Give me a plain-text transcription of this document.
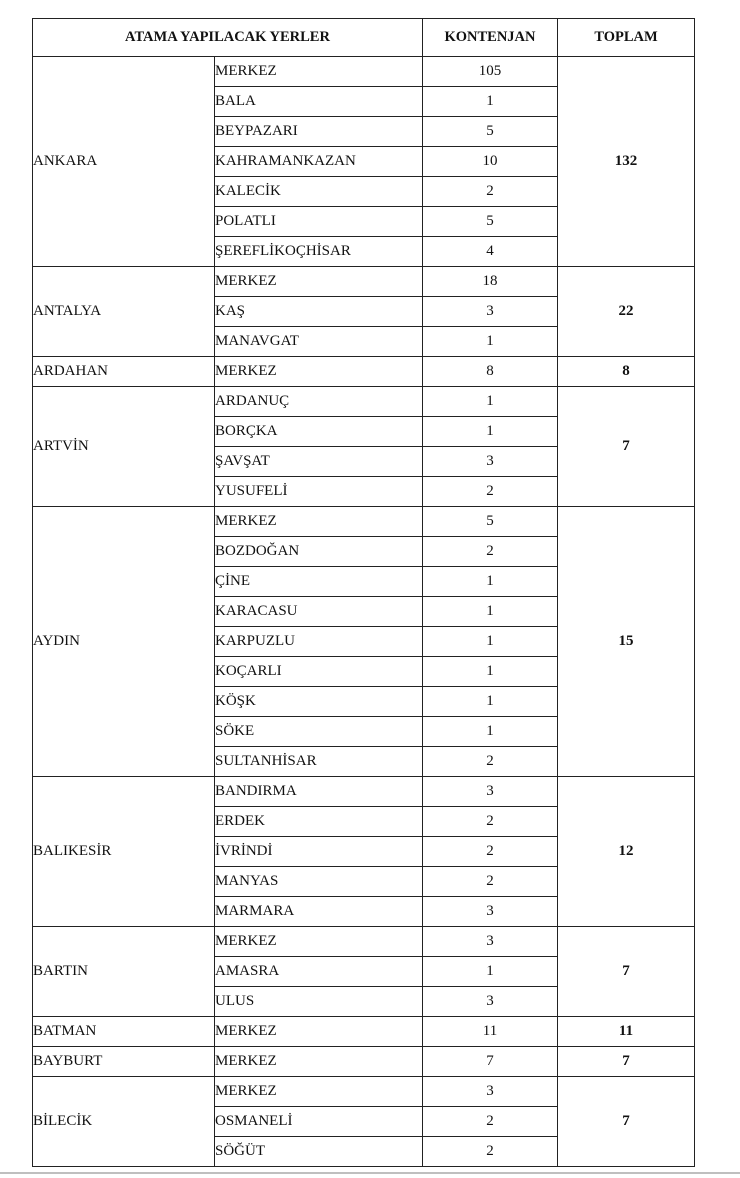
ATAMA YAPILACAK YERLER		KONTENJAN	TOPLAM
ANKARA	MERKEZ	105	132
	BALA	1	
	BEYPAZARI	5	
	KAHRAMANKAZAN	10	
	KALECİK	2	
	POLATLI	5	
	ŞEREFLİKOÇHİSAR	4	
ANTALYA	MERKEZ	18	22
	KAŞ	3	
	MANAVGAT	1	
ARDAHAN	MERKEZ	8	8
ARTVİN	ARDANUÇ	1	7
	BORÇKA	1	
	ŞAVŞAT	3	
	YUSUFELİ	2	
AYDIN	MERKEZ	5	15
	BOZDOĞAN	2	
	ÇİNE	1	
	KARACASU	1	
	KARPUZLU	1	
	KOÇARLI	1	
	KÖŞK	1	
	SÖKE	1	
	SULTANHİSAR	2	
BALIKESİR	BANDIRMA	3	12
	ERDEK	2	
	İVRİNDİ	2	
	MANYAS	2	
	MARMARA	3	
BARTIN	MERKEZ	3	7
	AMASRA	1	
	ULUS	3	
BATMAN	MERKEZ	11	11
BAYBURT	MERKEZ	7	7
BİLECİK	MERKEZ	3	7
	OSMANELİ	2	
	SÖĞÜT	2	
